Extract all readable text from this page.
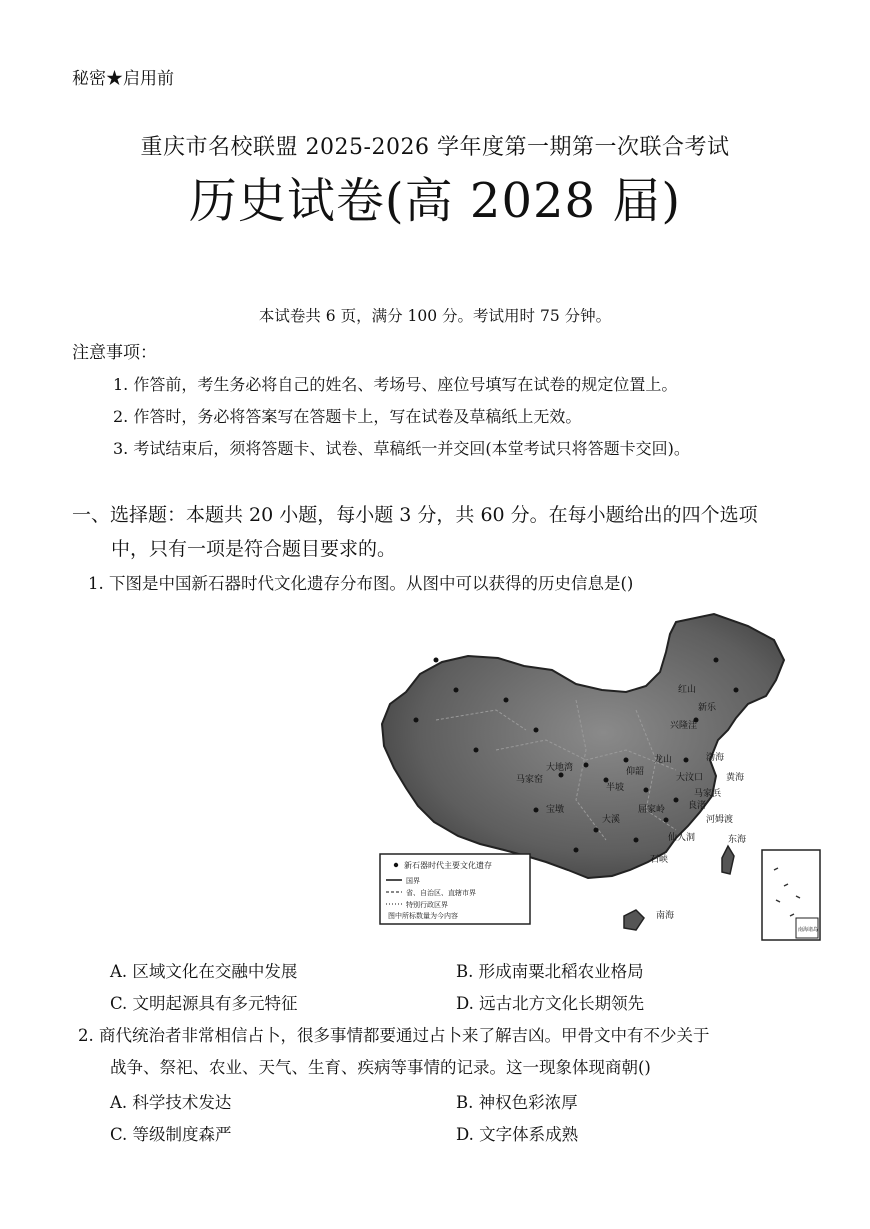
秘密★启用前
重庆市名校联盟 2025-2026 学年度第一期第一次联合考试
历史试卷(高 2028 届)
本试卷共 6 页，满分 100 分。考试用时 75 分钟。
注意事项：
1. 作答前，考生务必将自己的姓名、考场号、座位号填写在试卷的规定位置上。
2. 作答时，务必将答案写在答题卡上，写在试卷及草稿纸上无效。
3. 考试结束后，须将答题卡、试卷、草稿纸一并交回(本堂考试只将答题卡交回)。
一、选择题：本题共 20 小题，每小题 3 分，共 60 分。在每小题给出的四个选项
中，只有一项是符合题目要求的。
1. 下图是中国新石器时代文化遗存分布图。从图中可以获得的历史信息是()
红山
半坡
大地湾	仰韶
大汶口
龙山
河姆渡
良渚
马家窑
屈家岭
石峡
宝墩
大溪
仙人洞
马家浜
新乐
兴隆洼
东海
南海
渤海
黄海
新石器时代主要文化遗存
国界
省、自治区、直辖市界
特别行政区界
图中所标数量为今内容
南海诸岛
A. 区域文化在交融中发展	B. 形成南粟北稻农业格局
C. 文明起源具有多元特征	D. 远古北方文化长期领先
2. 商代统治者非常相信占卜，很多事情都要通过占卜来了解吉凶。甲骨文中有不少关于
战争、祭祀、农业、天气、生育、疾病等事情的记录。这一现象体现商朝()
A. 科学技术发达	B. 神权色彩浓厚
C. 等级制度森严	D. 文字体系成熟
